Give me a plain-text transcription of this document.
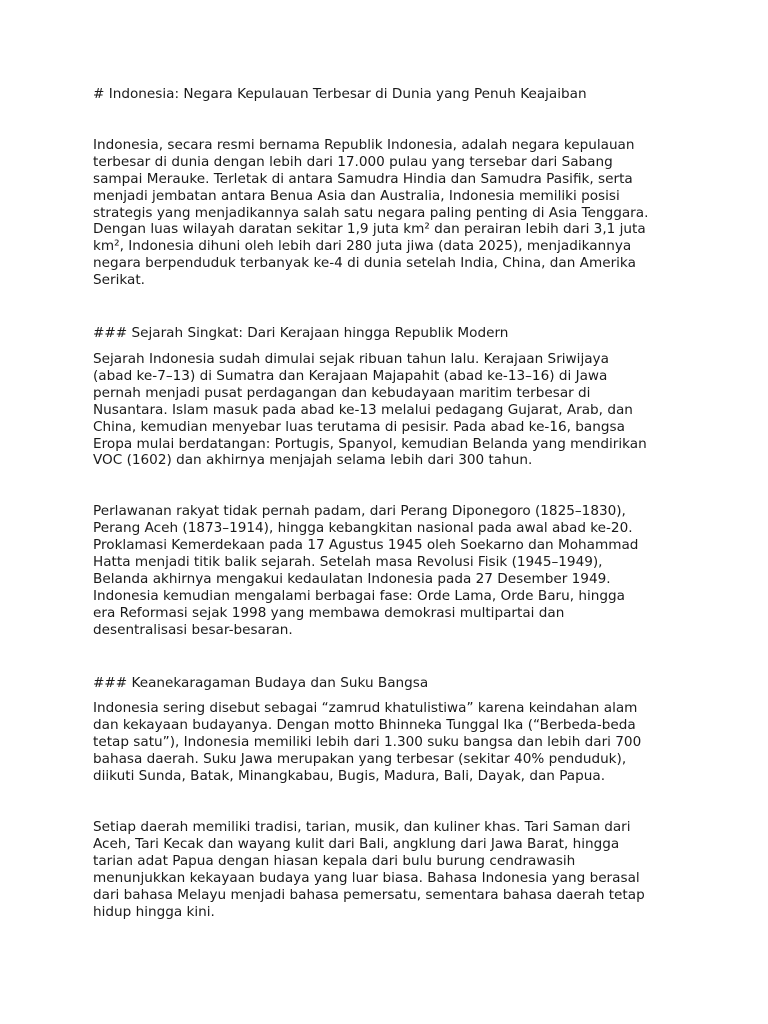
# Indonesia: Negara Kepulauan Terbesar di Dunia yang Penuh Keajaiban

Indonesia, secara resmi bernama Republik Indonesia, adalah negara kepulauan
terbesar di dunia dengan lebih dari 17.000 pulau yang tersebar dari Sabang
sampai Merauke. Terletak di antara Samudra Hindia dan Samudra Pasifik, serta
menjadi jembatan antara Benua Asia dan Australia, Indonesia memiliki posisi
strategis yang menjadikannya salah satu negara paling penting di Asia Tenggara.
Dengan luas wilayah daratan sekitar 1,9 juta km² dan perairan lebih dari 3,1 juta
km², Indonesia dihuni oleh lebih dari 280 juta jiwa (data 2025), menjadikannya
negara berpenduduk terbanyak ke-4 di dunia setelah India, China, dan Amerika
Serikat.

### Sejarah Singkat: Dari Kerajaan hingga Republik Modern

Sejarah Indonesia sudah dimulai sejak ribuan tahun lalu. Kerajaan Sriwijaya
(abad ke-7–13) di Sumatra dan Kerajaan Majapahit (abad ke-13–16) di Jawa
pernah menjadi pusat perdagangan dan kebudayaan maritim terbesar di
Nusantara. Islam masuk pada abad ke-13 melalui pedagang Gujarat, Arab, dan
China, kemudian menyebar luas terutama di pesisir. Pada abad ke-16, bangsa
Eropa mulai berdatangan: Portugis, Spanyol, kemudian Belanda yang mendirikan
VOC (1602) dan akhirnya menjajah selama lebih dari 300 tahun.

Perlawanan rakyat tidak pernah padam, dari Perang Diponegoro (1825–1830),
Perang Aceh (1873–1914), hingga kebangkitan nasional pada awal abad ke-20.
Proklamasi Kemerdekaan pada 17 Agustus 1945 oleh Soekarno dan Mohammad
Hatta menjadi titik balik sejarah. Setelah masa Revolusi Fisik (1945–1949),
Belanda akhirnya mengakui kedaulatan Indonesia pada 27 Desember 1949.
Indonesia kemudian mengalami berbagai fase: Orde Lama, Orde Baru, hingga
era Reformasi sejak 1998 yang membawa demokrasi multipartai dan
desentralisasi besar-besaran.

### Keanekaragaman Budaya dan Suku Bangsa

Indonesia sering disebut sebagai “zamrud khatulistiwa” karena keindahan alam
dan kekayaan budayanya. Dengan motto Bhinneka Tunggal Ika (“Berbeda-beda
tetap satu”), Indonesia memiliki lebih dari 1.300 suku bangsa dan lebih dari 700
bahasa daerah. Suku Jawa merupakan yang terbesar (sekitar 40% penduduk),
diikuti Sunda, Batak, Minangkabau, Bugis, Madura, Bali, Dayak, dan Papua.

Setiap daerah memiliki tradisi, tarian, musik, dan kuliner khas. Tari Saman dari
Aceh, Tari Kecak dan wayang kulit dari Bali, angklung dari Jawa Barat, hingga
tarian adat Papua dengan hiasan kepala dari bulu burung cendrawasih
menunjukkan kekayaan budaya yang luar biasa. Bahasa Indonesia yang berasal
dari bahasa Melayu menjadi bahasa pemersatu, sementara bahasa daerah tetap
hidup hingga kini.
